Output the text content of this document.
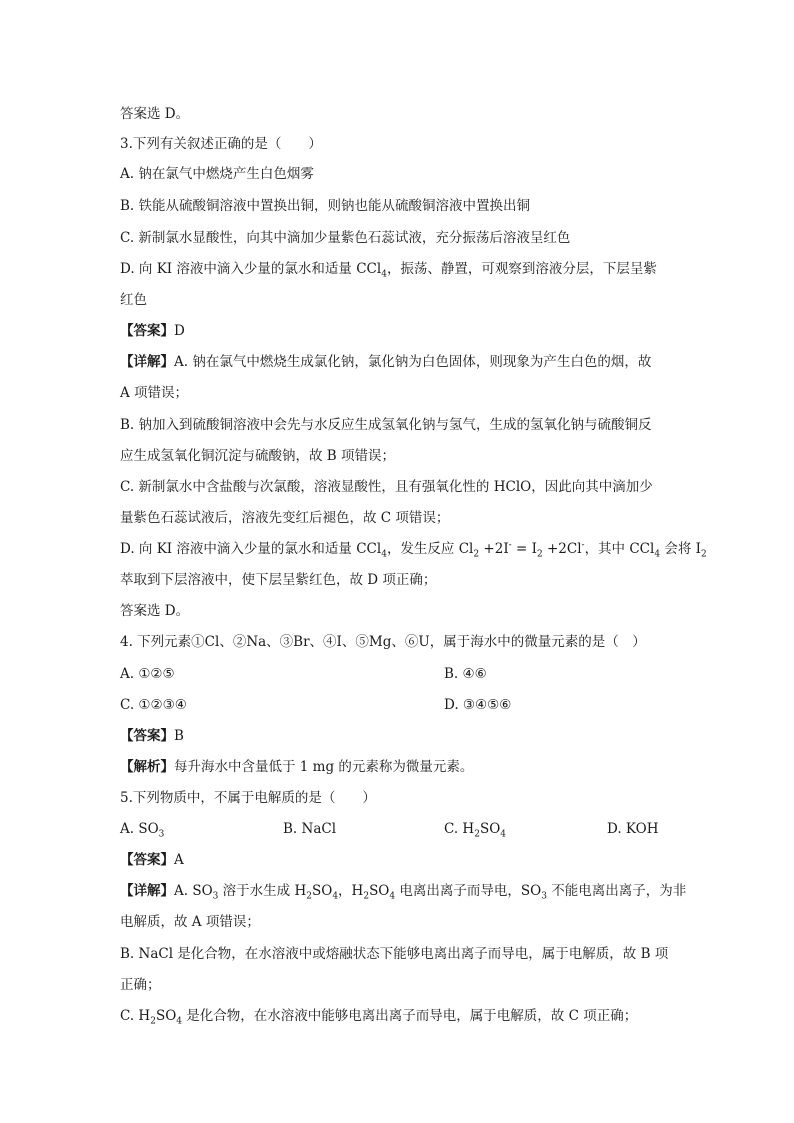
答案选 D。
3.下列有关叙述正确的是（　　）
A. 钠在氯气中燃烧产生白色烟雾
B. 铁能从硫酸铜溶液中置换出铜，则钠也能从硫酸铜溶液中置换出铜
C. 新制氯水显酸性，向其中滴加少量紫色石蕊试液，充分振荡后溶液呈红色
D. 向 KI 溶液中滴入少量的氯水和适量 CCl$_4$，振荡、静置，可观察到溶液分层，下层呈紫
红色
【答案】D
【详解】A. 钠在氯气中燃烧生成氯化钠，氯化钠为白色固体，则现象为产生白色的烟，故
A 项错误；
B. 钠加入到硫酸铜溶液中会先与水反应生成氢氧化钠与氢气，生成的氢氧化钠与硫酸铜反
应生成氢氧化铜沉淀与硫酸钠，故 B 项错误；
C. 新制氯水中含盐酸与次氯酸，溶液显酸性，且有强氧化性的 HClO，因此向其中滴加少
量紫色石蕊试液后，溶液先变红后褪色，故 C 项错误；
D. 向 KI 溶液中滴入少量的氯水和适量 CCl$_4$，发生反应 $Cl_2 +2I^- = I_2 +2Cl^-$，其中 CCl$_4$ 会将 $I_2$
萃取到下层溶液中，使下层呈紫红色，故 D 项正确；
答案选 D。
4. 下列元素①Cl、②Na、③Br、④I、⑤Mg、⑥U，属于海水中的微量元素的是（　）
A. ①②⑤	B. ④⑥
C. ①②③④	D. ③④⑤⑥
【答案】B
【解析】每升海水中含量低于 1 mg 的元素称为微量元素。
5.下列物质中，不属于电解质的是（　　）
A. $SO_3$	B. NaCl	C. $H_2SO_4$	D. KOH
【答案】A
【详解】A. $SO_3$ 溶于水生成 $H_2SO_4$，$H_2SO_4$ 电离出离子而导电，$SO_3$ 不能电离出离子，为非
电解质，故 A 项错误；
B. NaCl 是化合物，在水溶液中或熔融状态下能够电离出离子而导电，属于电解质，故 B 项
正确；
C. $H_2SO_4$ 是化合物，在水溶液中能够电离出离子而导电，属于电解质，故 C 项正确；
